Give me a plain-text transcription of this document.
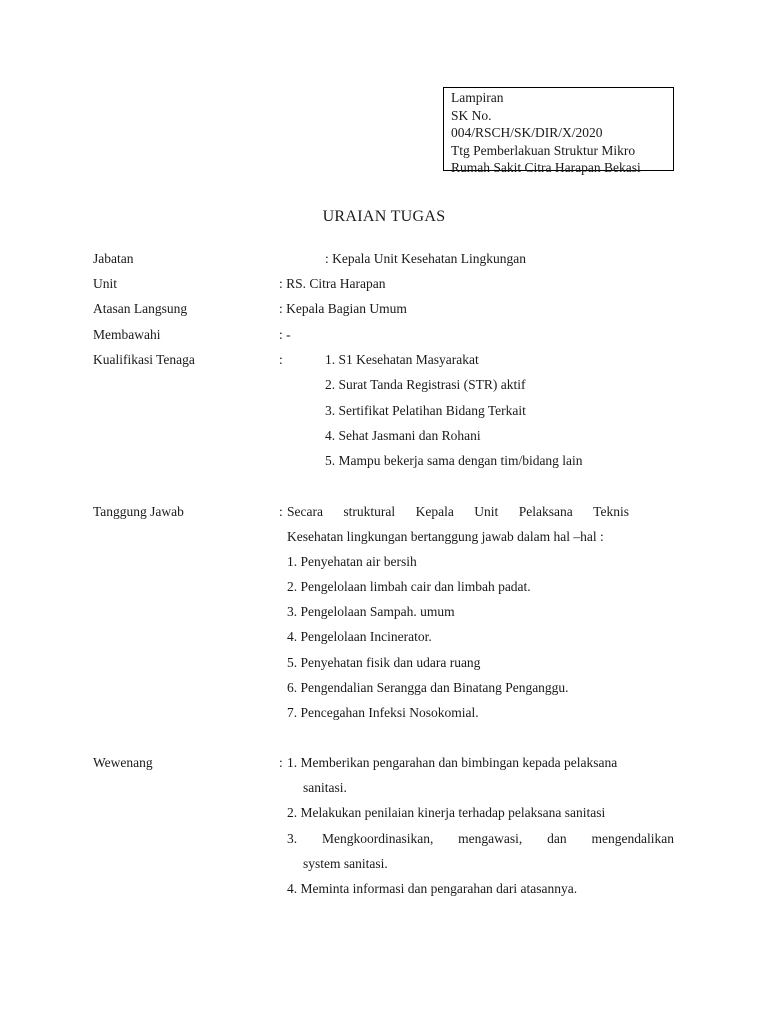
Lampiran
SK No.
004/RSCH/SK/DIR/X/2020
Ttg Pemberlakuan Struktur Mikro
Rumah Sakit Citra Harapan Bekasi
URAIAN TUGAS
Jabatan	: Kepala Unit Kesehatan Lingkungan
Unit	: RS. Citra Harapan
Atasan Langsung	: Kepala Bagian Umum
Membawahi	: -
Kualifikasi Tenaga	:	1. S1 Kesehatan Masyarakat
2. Surat Tanda Registrasi (STR) aktif
3. Sertifikat Pelatihan Bidang Terkait
4. Sehat Jasmani dan Rohani
5. Mampu bekerja sama dengan tim/bidang lain
Tanggung Jawab	: Secara struktural Kepala Unit Pelaksana Teknis
Kesehatan lingkungan bertanggung jawab dalam hal –hal :
1. Penyehatan air bersih
2. Pengelolaan limbah cair dan limbah padat.
3. Pengelolaan Sampah. umum
4. Pengelolaan Incinerator.
5. Penyehatan fisik dan udara ruang
6. Pengendalian Serangga dan Binatang Penganggu.
7. Pencegahan Infeksi Nosokomial.
Wewenang	: 1. Memberikan pengarahan dan bimbingan kepada pelaksana
sanitasi.
2. Melakukan penilaian kinerja terhadap pelaksana sanitasi
3. Mengkoordinasikan, mengawasi, dan mengendalikan
system sanitasi.
4. Meminta informasi dan pengarahan dari atasannya.
